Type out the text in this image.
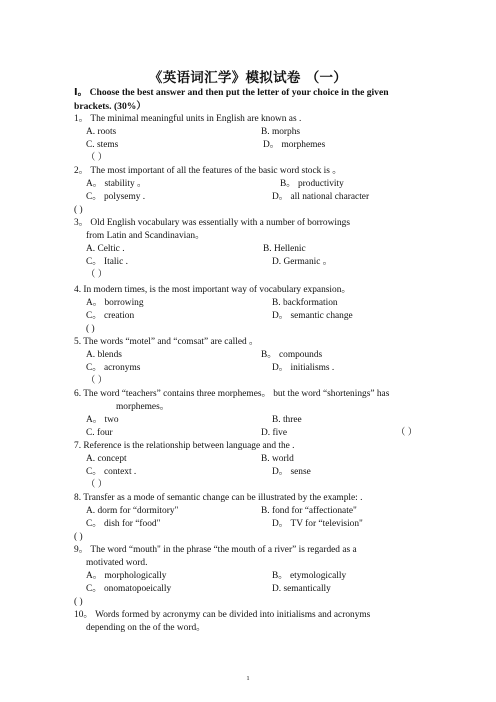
《英语词汇学》模拟试卷 （一）
I。 Choose the best answer and then put the letter of your choice in the given brackets. (30%）
1。 The minimal meaningful units in English are known as .
A. roots	B. morphs
C. stems	D。 morphemes
（ ）
2。 The most important of all the features of the basic word stock is 。
A。 stability 。	B。 productivity
C。 polysemy .	D。 all national character
( )
3。 Old English vocabulary was essentially with a number of borrowings
from Latin and Scandinavian。
A. Celtic .	B. Hellenic
C。 Italic .	D. Germanic 。
（ ）
4. In modern times, is the most important way of vocabulary expansion。
A。 borrowing	B. backformation
C。 creation	D。 semantic change
( )
5. The words “motel” and “comsat” are called 。
A. blends	B。 compounds
C。 acronyms	D。 initialisms .
（ ）
6. The word “teachers” contains three morphemes。 but the word “shortenings” has
morphemes。
A。 two	B. three
C. four	D. five	（ ）
7. Reference is the relationship between language and the .
A. concept	B. world
C。 context .	D。 sense
（ ）
8. Transfer as a mode of semantic change can be illustrated by the example: .
A. dorm for “dormitory"	B. fond for “affectionate"
C。 dish for “food"	D。 TV for “television"
( )
9。 The word “mouth" in the phrase “the mouth of a river” is regarded as a
motivated word.
A。 morphologically	B。 etymologically
C。 onomatopoeically	D. semantically
( )
10。 Words formed by acronymy can be divided into initialisms and acronyms
depending on the of the word。
1
